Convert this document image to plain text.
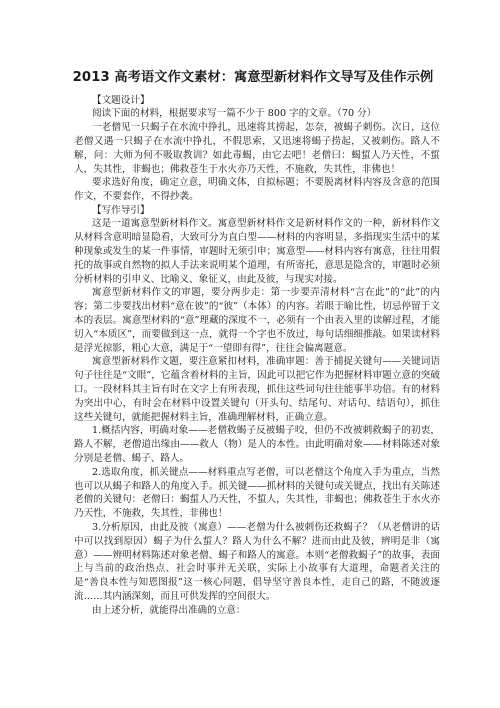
2013 高考语文作文素材：寓意型新材料作文导写及佳作示例
【文题设计】

阅读下面的材料，根据要求写一篇不少于 800 字的文章。（70 分）

一老僧见一只蝎子在水流中挣扎，迅速将其捞起，怎奈，被蝎子刺伤。次日，这位老僧又遇一只蝎子在水流中挣扎，不假思索，又迅速将蝎子捞起，又被刺伤。路人不解，问：大师为何不吸取教训？如此毒蝎，由它去吧！老僧曰：蝎蜇人乃天性，不蜇人，失其性，非蝎也；佛救苍生于水火亦乃天性，不施救，失其性，非佛也！

要求选好角度，确定立意，明确文体，自拟标题；不要脱离材料内容及含意的范围作文，不要套作，不得抄袭。

【写作导引】

这是一道寓意型新材料作文。寓意型新材料作文是新材料作文的一种，新材料作文从材料含意明暗显隐看，大致可分为直白型——材料的内容明显，多指现实生活中的某种现象或发生的某一件事情，审题时无须引申；寓意型——材料内容有寓意，往往用假托的故事或自然物的拟人手法来说明某个道理，有所寄托，意思是隐含的，审题时必须分析材料的引申义、比喻义、象征义，由此及彼，与现实对接。

寓意型新材料作文的审题，要分两步走：第一步要弄清材料“言在此”的“此”的内容；第二步要找出材料“意在彼”的“彼”（本体）的内容。若眼于喻比性，切忌停留于文本的表层。寓意型材料的“意”理藏的深度不一，必须有一个由表入里的读解过程，才能切入“本质区”，而要做到这一点，就得一个字也不放过，每句话细细推敲。如果读材料是浮光掠影，粗心大意，满足于“一望即有得”，往往会偏离题意。

寓意型新材料作文题，要注意紧扣材料，准确审题：善于捕捉关键句——关键词语句子往往是“文眼”，它蕴含着材料的主旨，因此可以把它作为把握材料审题立意的突破口。一段材料其主旨有时在文字上有所表现，抓住这些词句往往能事半功倍。有的材料为突出中心，有时会在材料中设置关键句（开头句、结尾句、对话句、结语句），抓住这些关键句，就能把握材料主旨，准确理解材料，正确立意。

1.概括内容，明确对象——老僧救蝎子反被蝎子咬，但仍不改被刺救蝎子的初衷，路人不解，老僧道出缘由——救人（物）是人的本性。由此明确对象——材料陈述对象分别是老僧、蝎子、路人。

2.选取角度，抓关键点——材料重点写老僧，可以老僧这个角度入手为重点，当然也可以从蝎子和路人的角度入手。抓关键——抓材料的关键句或关键点，找出有关陈述老僧的关键句：老僧曰：蝎蜇人乃天性，不蜇人，失其性，非蝎也；佛救苍生于水火亦乃天性，不施救，失其性，非佛也！

3.分析原因，由此及彼（寓意）——老僧为什么被刺伤还救蝎子？（从老僧讲的话中可以找到原因）蝎子为什么蜇人？路人为什么不解？进而由此及彼，辨明是非（寓意）——辨明材料陈述对象老僧、蝎子和路人的寓意。本则“老僧救蝎子”的故事，表面上与当前的政治热点、社会时事并无关联，实际上小故事有大道理，命题者关注的是“善良本性与知恩图报”这一核心问题，倡导坚守善良本性，走自己的路，不随波逐流……其内涵深刻，而且可供发挥的空间很大。

由上述分析，就能得出准确的立意：
